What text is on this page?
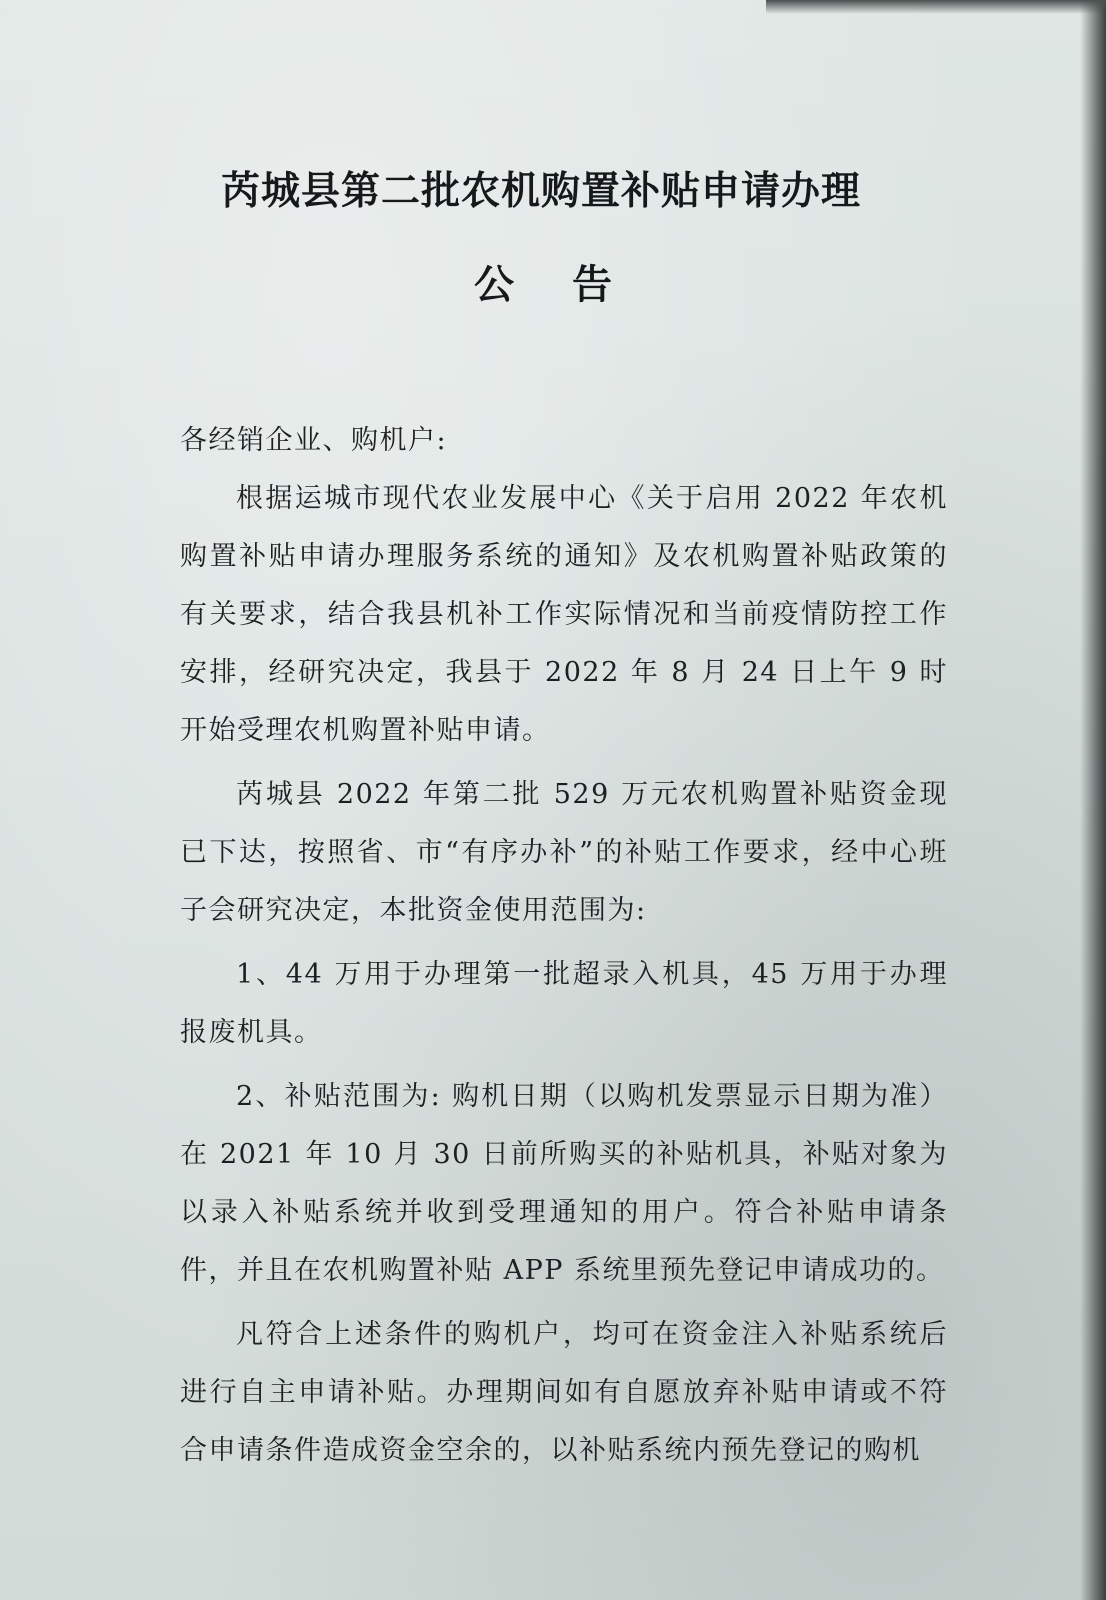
芮城县第二批农机购置补贴申请办理
公告

各经销企业、购机户:

根据运城市现代农业发展中心《关于启用 2022 年农机购置补贴申请办理服务系统的通知》及农机购置补贴政策的有关要求，结合我县机补工作实际情况和当前疫情防控工作安排，经研究决定，我县于 2022 年 8 月 24 日上午 9 时开始受理农机购置补贴申请。

芮城县 2022 年第二批 529 万元农机购置补贴资金现已下达，按照省、市“有序办补”的补贴工作要求，经中心班子会研究决定，本批资金使用范围为:

1、44 万用于办理第一批超录入机具，45 万用于办理报废机具。

2、补贴范围为: 购机日期（以购机发票显示日期为准）在 2021 年 10 月 30 日前所购买的补贴机具，补贴对象为以录入补贴系统并收到受理通知的用户。符合补贴申请条件，并且在农机购置补贴 APP 系统里预先登记申请成功的。

凡符合上述条件的购机户，均可在资金注入补贴系统后进行自主申请补贴。办理期间如有自愿放弃补贴申请或不符合申请条件造成资金空余的，以补贴系统内预先登记的购机
